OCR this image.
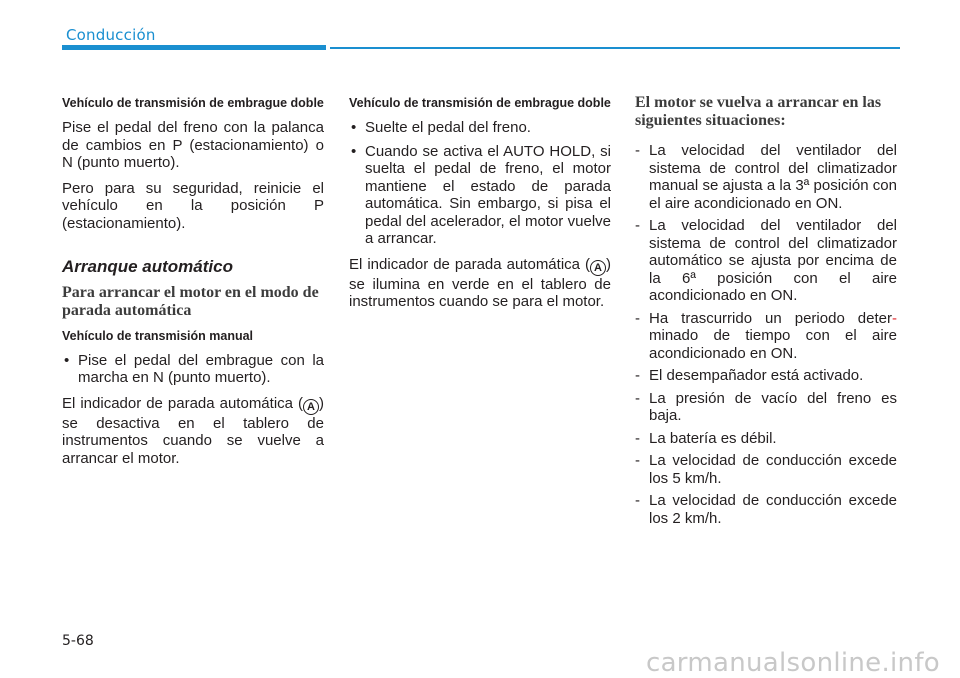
Conducción
Vehículo de transmisión de embrague doble

Pise el pedal del freno con la palanca de cambios en P (estacionamiento) o N (punto muerto).

Pero para su seguridad, reinicie el vehículo en la posición P (estacionamiento).

Arranque automático
Para arrancar el motor en el modo de parada automática
Vehículo de transmisión manual
• Pise el pedal del embrague con la marcha en N (punto muerto).

El indicador de parada automática ( A ) se desactiva en el tablero de instrumentos cuando se vuelve a arrancar el motor.

Vehículo de transmisión de embrague doble
• Suelte el pedal del freno.
• Cuando se activa el AUTO HOLD, si suelta el pedal de freno, el motor mantiene el estado de parada automática. Sin embargo, si pisa el pedal del acelerador, el motor vuelve a arrancar.

El indicador de parada automática ( A ) se ilumina en verde en el tablero de instrumentos cuando se para el motor.

El motor se vuelva a arrancar en las siguientes situaciones:
- La velocidad del ventilador del sistema de control del climatizador manual se ajusta a la 3ª posición con el aire acondicionado en ON.
- La velocidad del ventilador del sistema de control del climatizador automático se ajusta por encima de la 6ª posición con el aire acondicionado en ON.
- Ha trascurrido un periodo deter- minado de tiempo con el aire acondicionado en ON.
- El desempañador está activado.
- La presión de vacío del freno es baja.
- La batería es débil.
- La velocidad de conducción excede los 5 km/h.
- La velocidad de conducción excede los 2 km/h.
5-68
carmanualsonline.info
